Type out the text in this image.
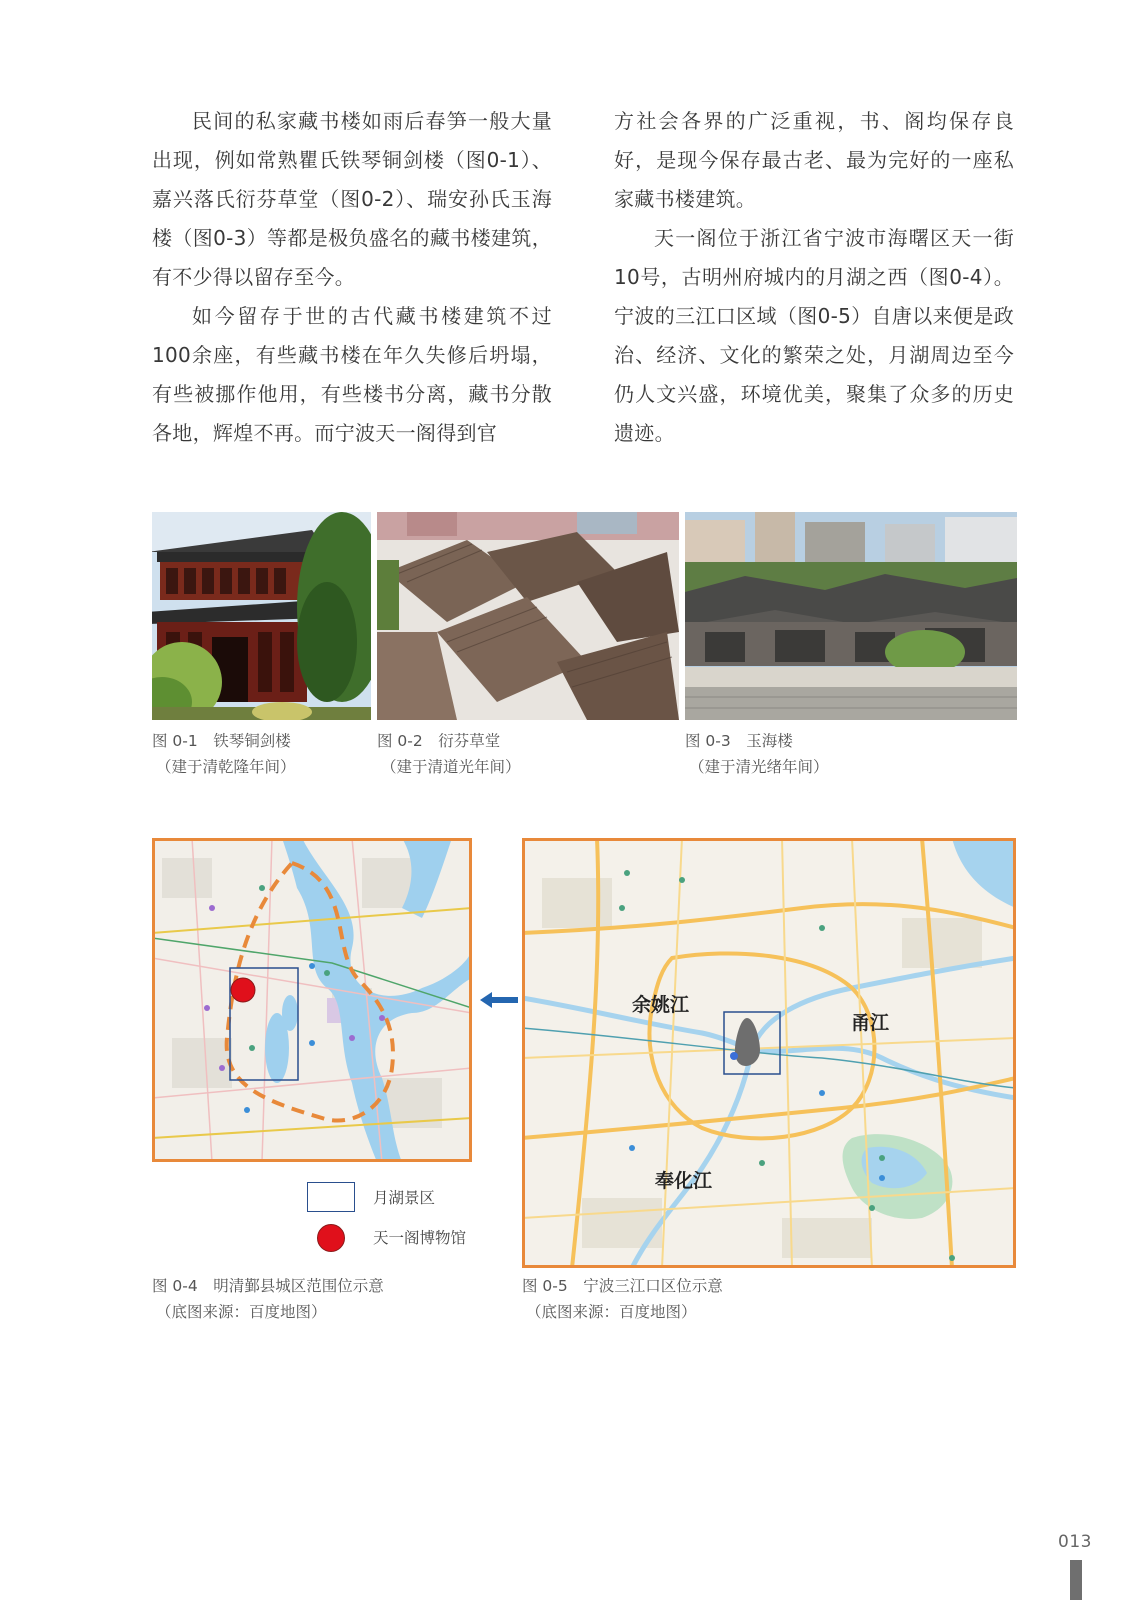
民间的私家藏书楼如雨后春笋一般大量出现，例如常熟瞿氏铁琴铜剑楼（图0-1）、嘉兴落氏衍芬草堂（图0-2）、瑞安孙氏玉海楼（图0-3）等都是极负盛名的藏书楼建筑，有不少得以留存至今。

如今留存于世的古代藏书楼建筑不过100余座，有些藏书楼在年久失修后坍塌，有些被挪作他用，有些楼书分离，藏书分散各地，辉煌不再。而宁波天一阁得到官

方社会各界的广泛重视，书、阁均保存良好，是现今保存最古老、最为完好的一座私家藏书楼建筑。

天一阁位于浙江省宁波市海曙区天一街10号，古明州府城内的月湖之西（图0-4）。宁波的三江口区域（图0-5）自唐以来便是政治、经济、文化的繁荣之处，月湖周边至今仍人文兴盛，环境优美，聚集了众多的历史遗迹。

图 0-1　铁琴铜剑楼
（建于清乾隆年间）
图 0-2　衍芬草堂
（建于清道光年间）
图 0-3　玉海楼
（建于清光绪年间）
余姚江
甬江
奉化江
月湖景区
天一阁博物馆
图 0-4　明清鄞县城区范围位示意
（底图来源：百度地图）
图 0-5　宁波三江口区位示意
（底图来源：百度地图）
013
